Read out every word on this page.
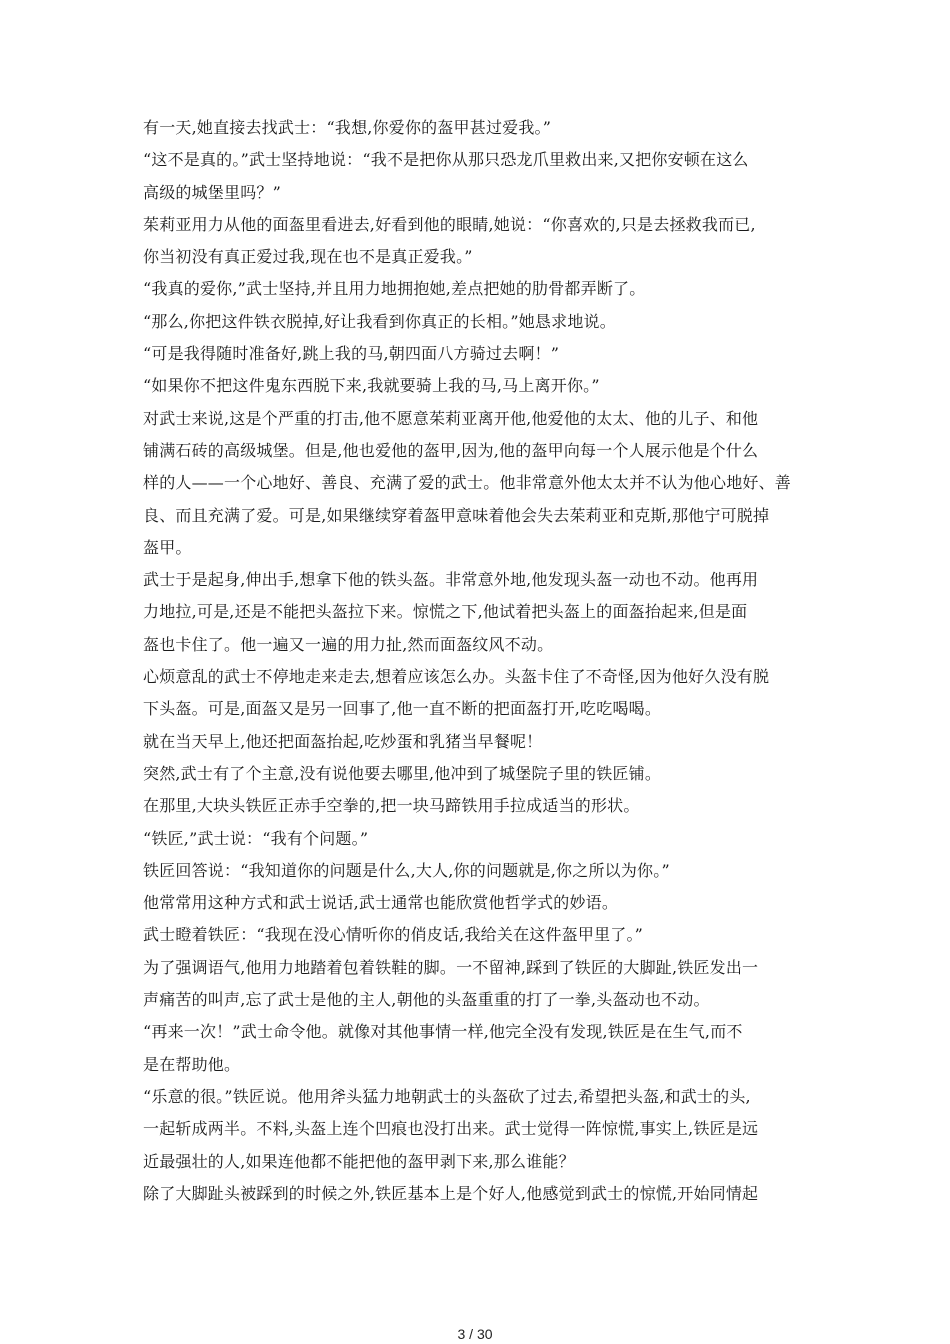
有一天,她直接去找武士：“我想,你爱你的盔甲甚过爱我。”
“这不是真的。”武士坚持地说：“我不是把你从那只恐龙爪里救出来,又把你安顿在这么
高级的城堡里吗？”
茱莉亚用力从他的面盔里看进去,好看到他的眼睛,她说：“你喜欢的,只是去拯救我而已,
你当初没有真正爱过我,现在也不是真正爱我。”
“我真的爱你,”武士坚持,并且用力地拥抱她,差点把她的肋骨都弄断了。
“那么,你把这件铁衣脱掉,好让我看到你真正的长相。”她恳求地说。
“可是我得随时准备好,跳上我的马,朝四面八方骑过去啊！”
“如果你不把这件鬼东西脱下来,我就要骑上我的马,马上离开你。”
对武士来说,这是个严重的打击,他不愿意茱莉亚离开他,他爱他的太太、他的儿子、和他
铺满石砖的高级城堡。但是,他也爱他的盔甲,因为,他的盔甲向每一个人展示他是个什么
样的人——一个心地好、善良、充满了爱的武士。他非常意外他太太并不认为他心地好、善
良、而且充满了爱。可是,如果继续穿着盔甲意味着他会失去茱莉亚和克斯,那他宁可脱掉
盔甲。
武士于是起身,伸出手,想拿下他的铁头盔。非常意外地,他发现头盔一动也不动。他再用
力地拉,可是,还是不能把头盔拉下来。惊慌之下,他试着把头盔上的面盔抬起来,但是面
盔也卡住了。他一遍又一遍的用力扯,然而面盔纹风不动。
心烦意乱的武士不停地走来走去,想着应该怎么办。头盔卡住了不奇怪,因为他好久没有脱
下头盔。可是,面盔又是另一回事了,他一直不断的把面盔打开,吃吃喝喝。
就在当天早上,他还把面盔抬起,吃炒蛋和乳猪当早餐呢！
突然,武士有了个主意,没有说他要去哪里,他冲到了城堡院子里的铁匠铺。
在那里,大块头铁匠正赤手空拳的,把一块马蹄铁用手拉成适当的形状。
“铁匠,”武士说：“我有个问题。”
铁匠回答说：“我知道你的问题是什么,大人,你的问题就是,你之所以为你。”
他常常用这种方式和武士说话,武士通常也能欣赏他哲学式的妙语。
武士瞪着铁匠：“我现在没心情听你的俏皮话,我给关在这件盔甲里了。”
为了强调语气,他用力地踏着包着铁鞋的脚。一不留神,踩到了铁匠的大脚趾,铁匠发出一
声痛苦的叫声,忘了武士是他的主人,朝他的头盔重重的打了一拳,头盔动也不动。
“再来一次！”武士命令他。就像对其他事情一样,他完全没有发现,铁匠是在生气,而不
是在帮助他。
“乐意的很。”铁匠说。他用斧头猛力地朝武士的头盔砍了过去,希望把头盔,和武士的头,
一起斩成两半。不料,头盔上连个凹痕也没打出来。武士觉得一阵惊慌,事实上,铁匠是远
近最强壮的人,如果连他都不能把他的盔甲剥下来,那么谁能？
除了大脚趾头被踩到的时候之外,铁匠基本上是个好人,他感觉到武士的惊慌,开始同情起
3 / 30
